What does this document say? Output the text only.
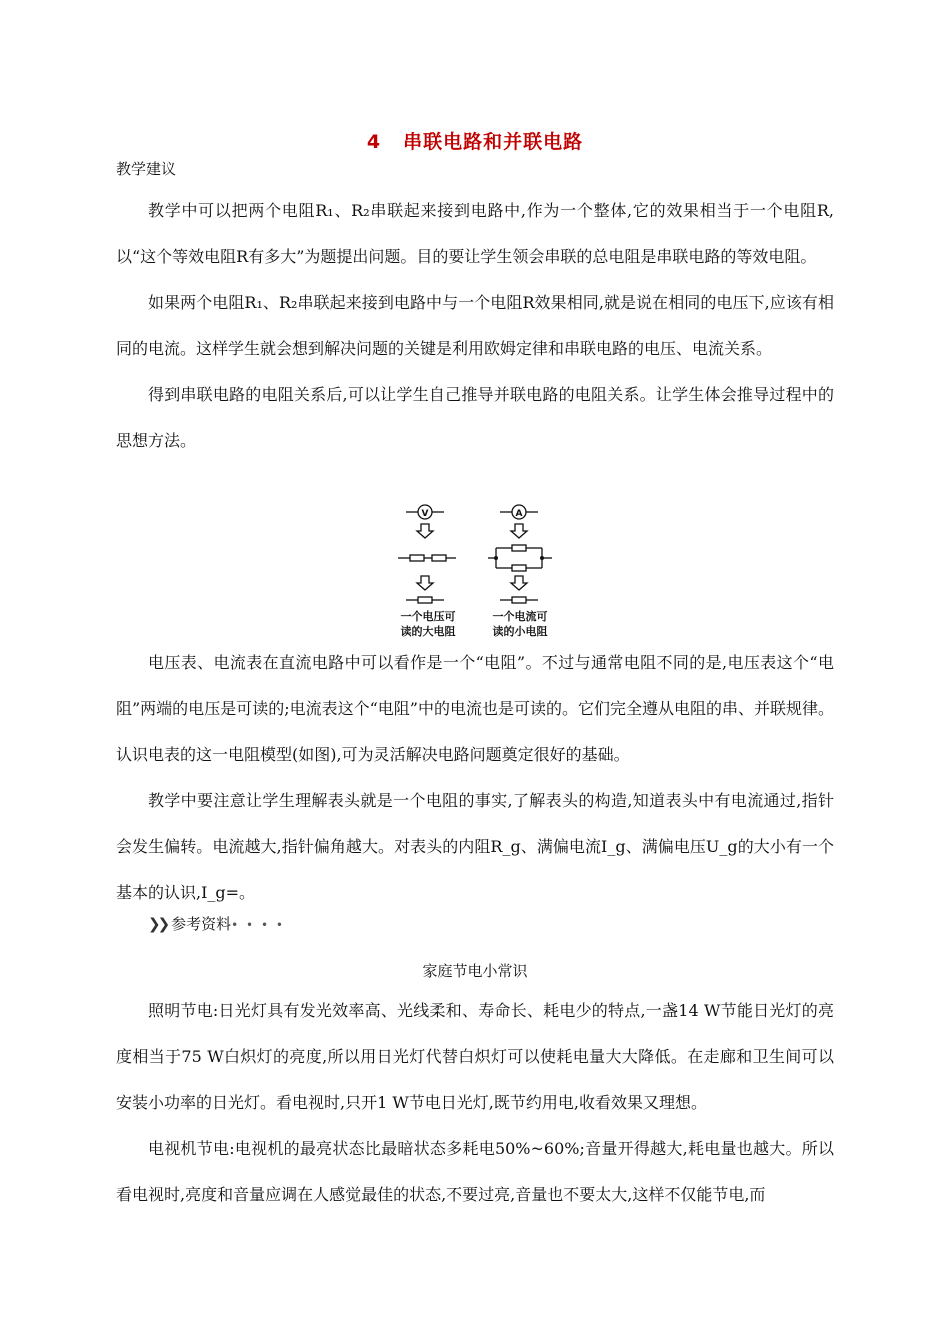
4 串联电路和并联电路
教学建议

教学中可以把两个电阻R₁、R₂串联起来接到电路中,作为一个整体,它的效果相当于一个电阻R,以“这个等效电阻R有多大”为题提出问题。目的要让学生领会串联的总电阻是串联电路的等效电阻。

如果两个电阻R₁、R₂串联起来接到电路中与一个电阻R效果相同,就是说在相同的电压下,应该有相同的电流。这样学生就会想到解决问题的关键是利用欧姆定律和串联电路的电压、电流关系。

得到串联电路的电阻关系后,可以让学生自己推导并联电路的电阻关系。让学生体会推导过程中的思想方法。

V	A
一个电压可
读的大电阻
一个电流可
读的小电阻

电压表、电流表在直流电路中可以看作是一个“电阻”。不过与通常电阻不同的是,电压表这个“电阻”两端的电压是可读的;电流表这个“电阻”中的电流也是可读的。它们完全遵从电阻的串、并联规律。认识电表的这一电阻模型(如图),可为灵活解决电路问题奠定很好的基础。

教学中要注意让学生理解表头就是一个电阻的事实,了解表头的构造,知道表头中有电流通过,指针会发生偏转。电流越大,指针偏角越大。对表头的内阻R_g、满偏电流I_g、满偏电压U_g的大小有一个基本的认识,I_g=。

❯❯ 参考资料• • • •
家庭节电小常识

照明节电:日光灯具有发光效率高、光线柔和、寿命长、耗电少的特点,一盏14 W节能日光灯的亮度相当于75 W白炽灯的亮度,所以用日光灯代替白炽灯可以使耗电量大大降低。在走廊和卫生间可以安装小功率的日光灯。看电视时,只开1 W节电日光灯,既节约用电,收看效果又理想。

电视机节电:电视机的最亮状态比最暗状态多耗电50%~60%;音量开得越大,耗电量也越大。所以看电视时,亮度和音量应调在人感觉最佳的状态,不要过亮,音量也不要太大,这样不仅能节电,而
